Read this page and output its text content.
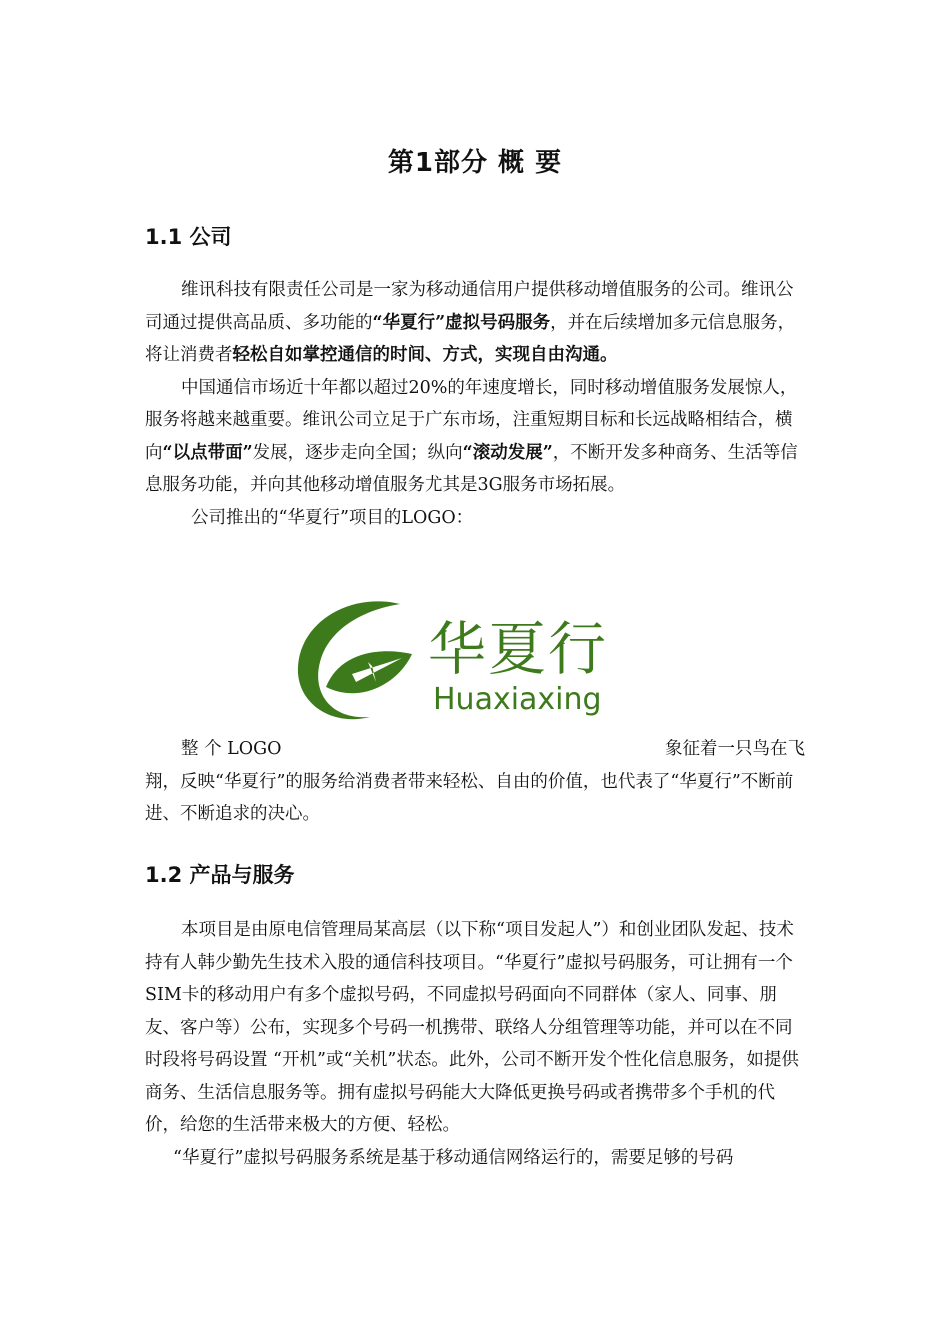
第1部分 概 要
1.1 公司

维讯科技有限责任公司是一家为移动通信用户提供移动增值服务的公司。维讯公司通过提供高品质、多功能的“华夏行”虚拟号码服务，并在后续增加多元信息服务，将让消费者轻松自如掌控通信的时间、方式，实现自由沟通。

中国通信市场近十年都以超过20%的年速度增长，同时移动增值服务发展惊人，服务将越来越重要。维讯公司立足于广东市场，注重短期目标和长远战略相结合，横向“以点带面”发展，逐步走向全国；纵向“滚动发展”，不断开发多种商务、生活等信息服务功能，并向其他移动增值服务尤其是3G服务市场拓展。

公司推出的“华夏行”项目的LOGO：

华夏行
Huaxiaxing
整 个 LOGO	象征着一只鸟在飞
翔，反映“华夏行”的服务给消费者带来轻松、自由的价值，也代表了“华夏行”不断前进、不断追求的决心。
1.2 产品与服务

本项目是由原电信管理局某高层（以下称“项目发起人”）和创业团队发起、技术持有人韩少勤先生技术入股的通信科技项目。“华夏行”虚拟号码服务，可让拥有一个SIM卡的移动用户有多个虚拟号码，不同虚拟号码面向不同群体（家人、同事、朋友、客户等）公布，实现多个号码一机携带、联络人分组管理等功能，并可以在不同时段将号码设置 “开机”或“关机”状态。此外，公司不断开发个性化信息服务，如提供商务、生活信息服务等。拥有虚拟号码能大大降低更换号码或者携带多个手机的代价，给您的生活带来极大的方便、轻松。

“华夏行”虚拟号码服务系统是基于移动通信网络运行的，需要足够的号码
